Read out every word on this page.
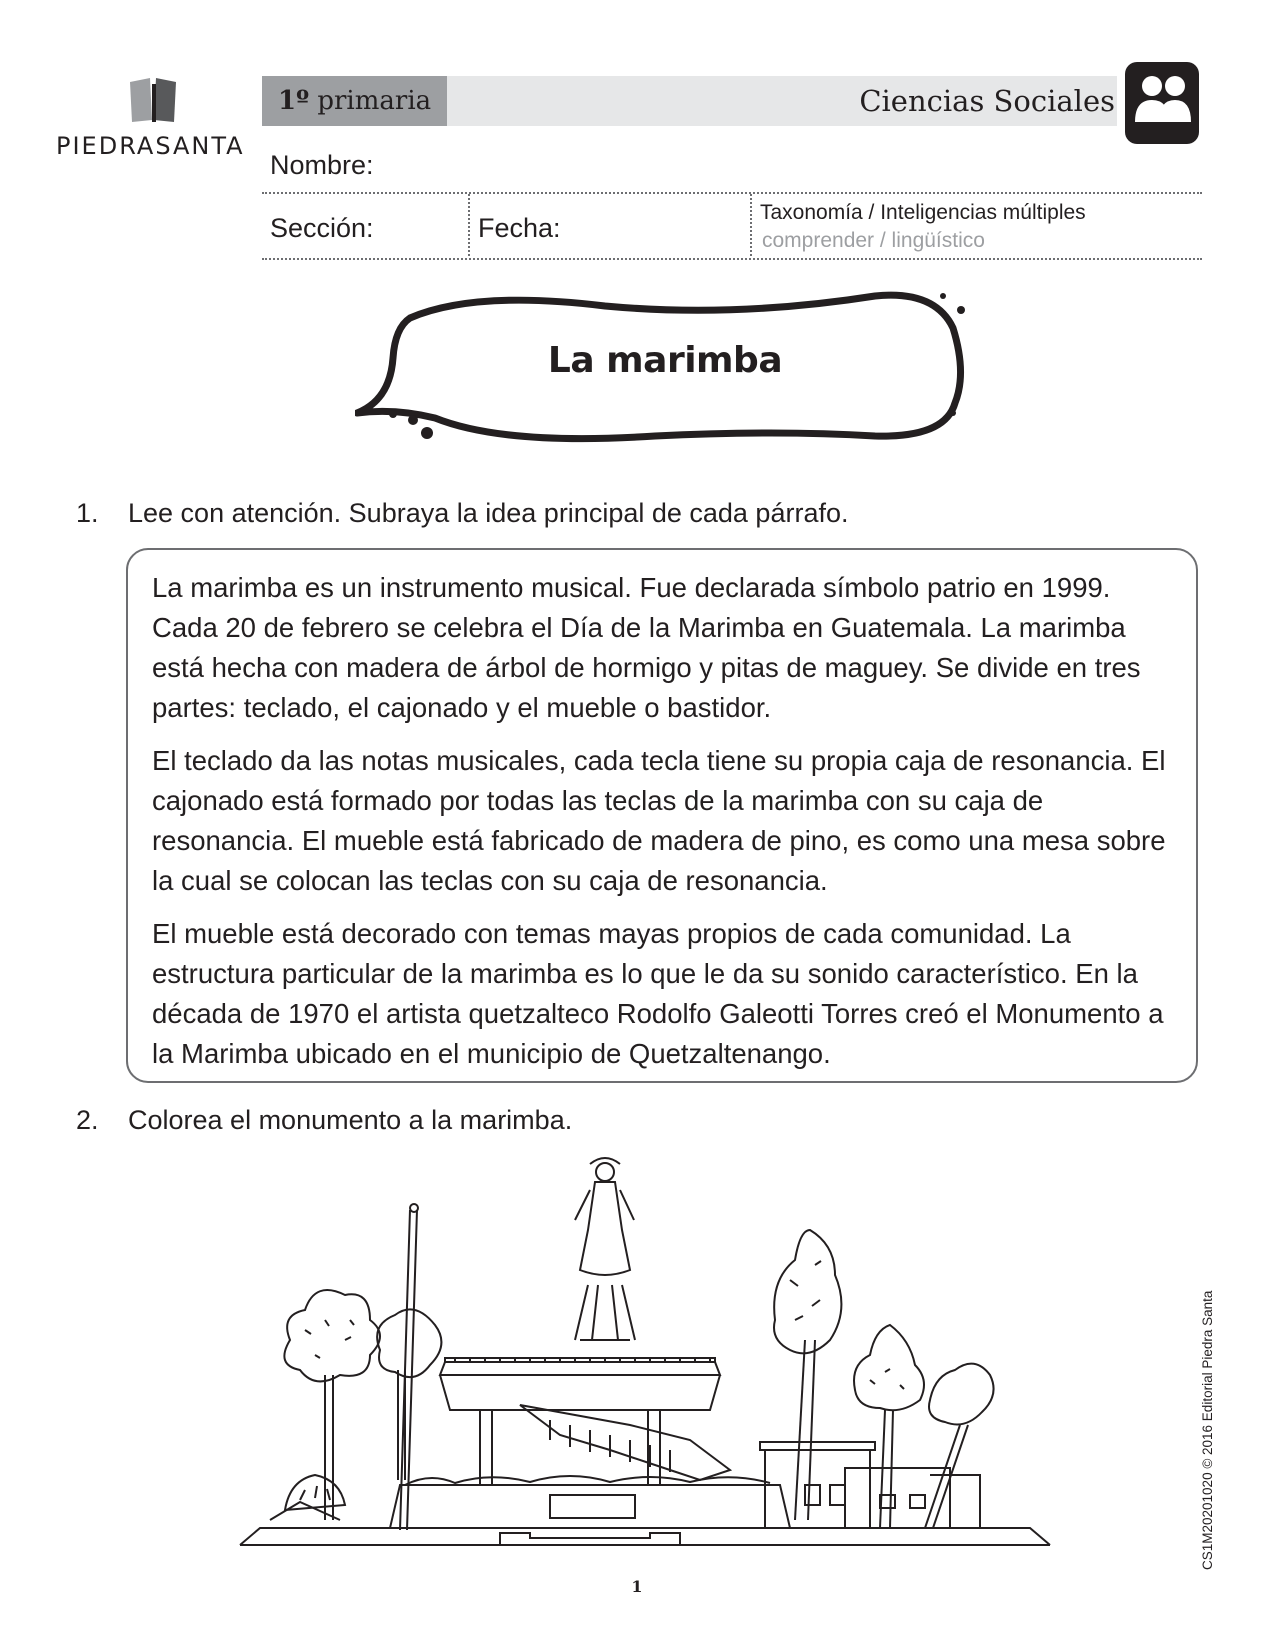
PIEDRASANTA
1º primaria	Ciencias Sociales
Nombre:
Sección:	Fecha:
Taxonomía / Inteligencias múltiples
comprender / lingüístico
La marimba
1. Lee con atención. Subraya la idea principal de cada párrafo.

La marimba es un instrumento musical. Fue declarada símbolo patrio en 1999. Cada 20 de febrero se celebra el Día de la Marimba en Guatemala. La marimba está hecha con madera de árbol de hormigo y pitas de maguey. Se divide en tres partes: teclado, el cajonado y el mueble o bastidor.

El teclado da las notas musicales, cada tecla tiene su propia caja de resonancia. El cajonado está formado por todas las teclas de la marimba con su caja de resonancia. El mueble está fabricado de madera de pino, es como una mesa sobre la cual se colocan las teclas con su caja de resonancia.

El mueble está decorado con temas mayas propios de cada comunidad. La estructura particular de la marimba es lo que le da su sonido característico. En la década de 1970 el artista quetzalteco Rodolfo Galeotti Torres creó el Monumento a la Marimba ubicado en el municipio de Quetzaltenango.

2. Colorea el monumento a la marimba.
1
CS1M20201020 © 2016 Editorial Piedra Santa
